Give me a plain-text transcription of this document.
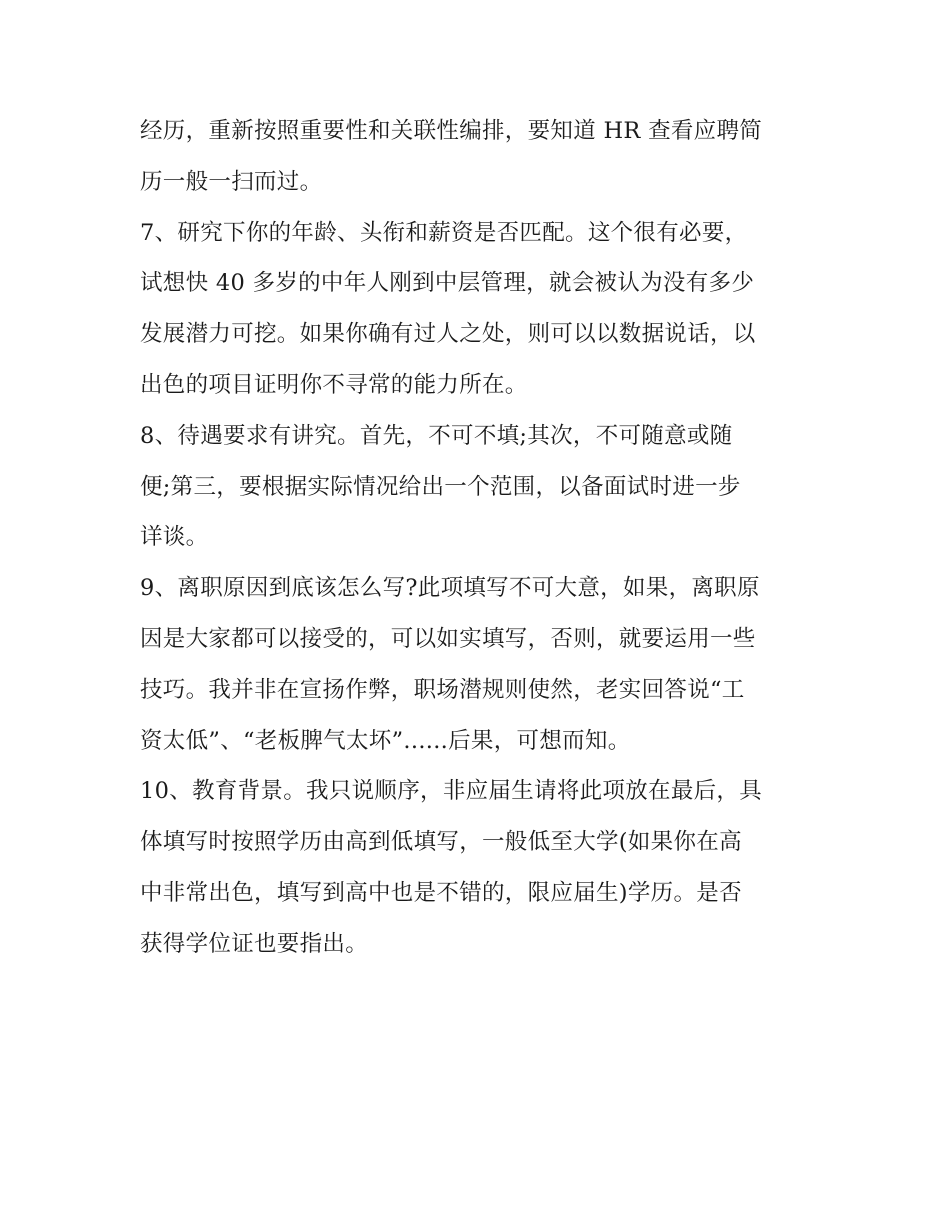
经历，重新按照重要性和关联性编排，要知道 HR 查看应聘简
历一般一扫而过。
7、研究下你的年龄、头衔和薪资是否匹配。这个很有必要，
试想快 40 多岁的中年人刚到中层管理，就会被认为没有多少
发展潜力可挖。如果你确有过人之处，则可以以数据说话，以
出色的项目证明你不寻常的能力所在。
8、待遇要求有讲究。首先，不可不填;其次，不可随意或随
便;第三，要根据实际情况给出一个范围，以备面试时进一步
详谈。
9、离职原因到底该怎么写?此项填写不可大意，如果，离职原
因是大家都可以接受的，可以如实填写，否则，就要运用一些
技巧。我并非在宣扬作弊，职场潜规则使然，老实回答说“工
资太低”、“老板脾气太坏”......后果，可想而知。
10、教育背景。我只说顺序，非应届生请将此项放在最后，具
体填写时按照学历由高到低填写，一般低至大学(如果你在高
中非常出色，填写到高中也是不错的，限应届生)学历。是否
获得学位证也要指出。
